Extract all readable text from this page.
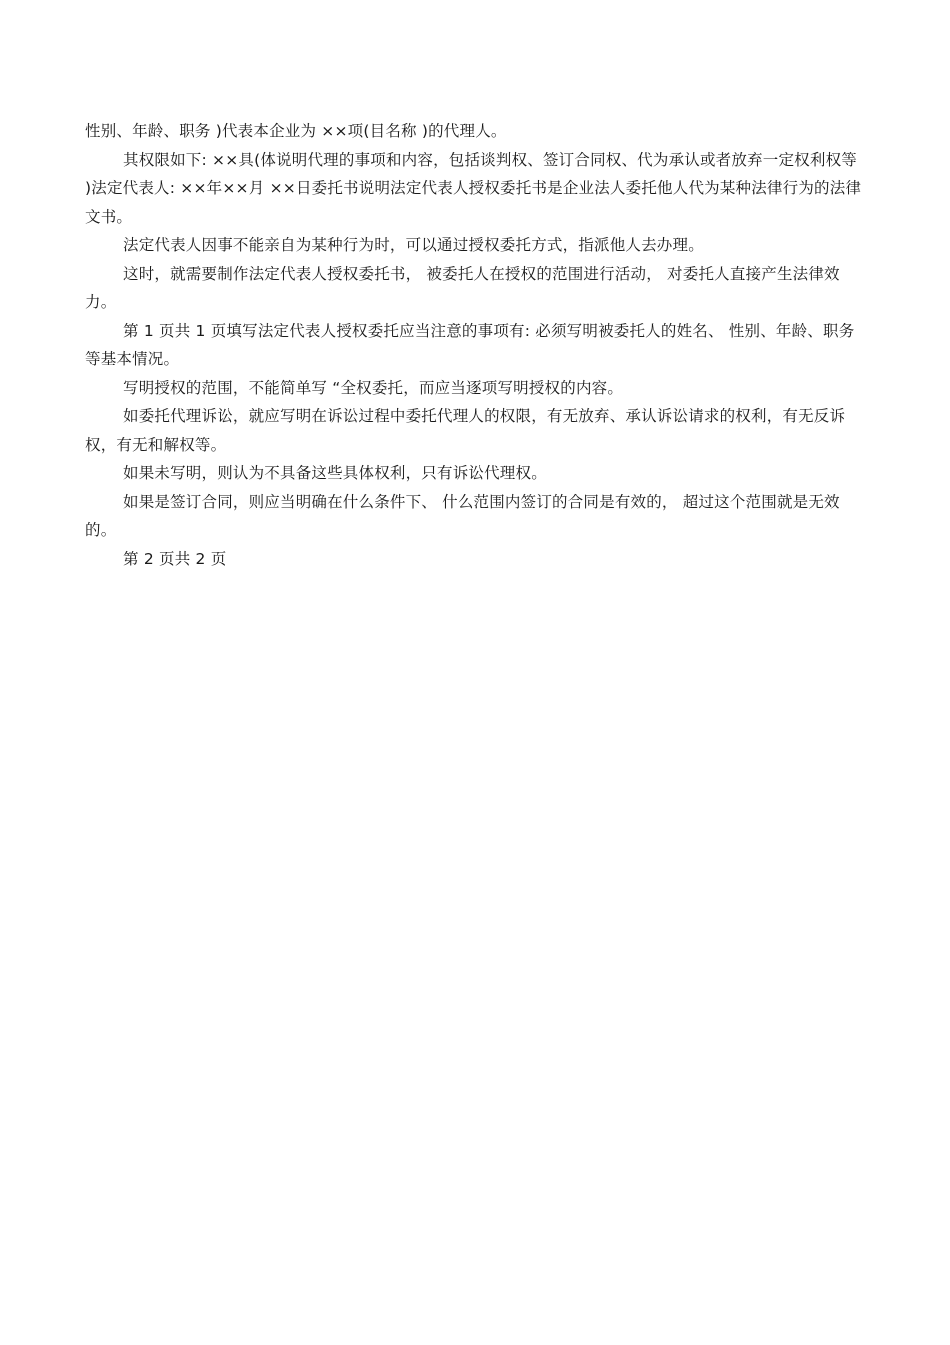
性别、年龄、职务 )代表本企业为 ××项(目名称 )的代理人。

其权限如下: ××具(体说明代理的事项和内容，包括谈判权、签订合同权、代为承认或者放弃一定权利权等 )法定代表人: ××年××月 ××日委托书说明法定代表人授权委托书是企业法人委托他人代为某种法律行为的法律文书。

法定代表人因事不能亲自为某种行为时，可以通过授权委托方式，指派他人去办理。

这时，就需要制作法定代表人授权委托书， 被委托人在授权的范围进行活动， 对委托人直接产生法律效力。

第 1 页共 1 页填写法定代表人授权委托应当注意的事项有: 必须写明被委托人的姓名、 性别、年龄、职务等基本情况。

写明授权的范围，不能简单写 “全权委托，而应当逐项写明授权的内容。

如委托代理诉讼，就应写明在诉讼过程中委托代理人的权限，有无放弃、承认诉讼请求的权利，有无反诉权，有无和解权等。

如果未写明，则认为不具备这些具体权利，只有诉讼代理权。

如果是签订合同，则应当明确在什么条件下、 什么范围内签订的合同是有效的， 超过这个范围就是无效的。

第 2 页共 2 页
